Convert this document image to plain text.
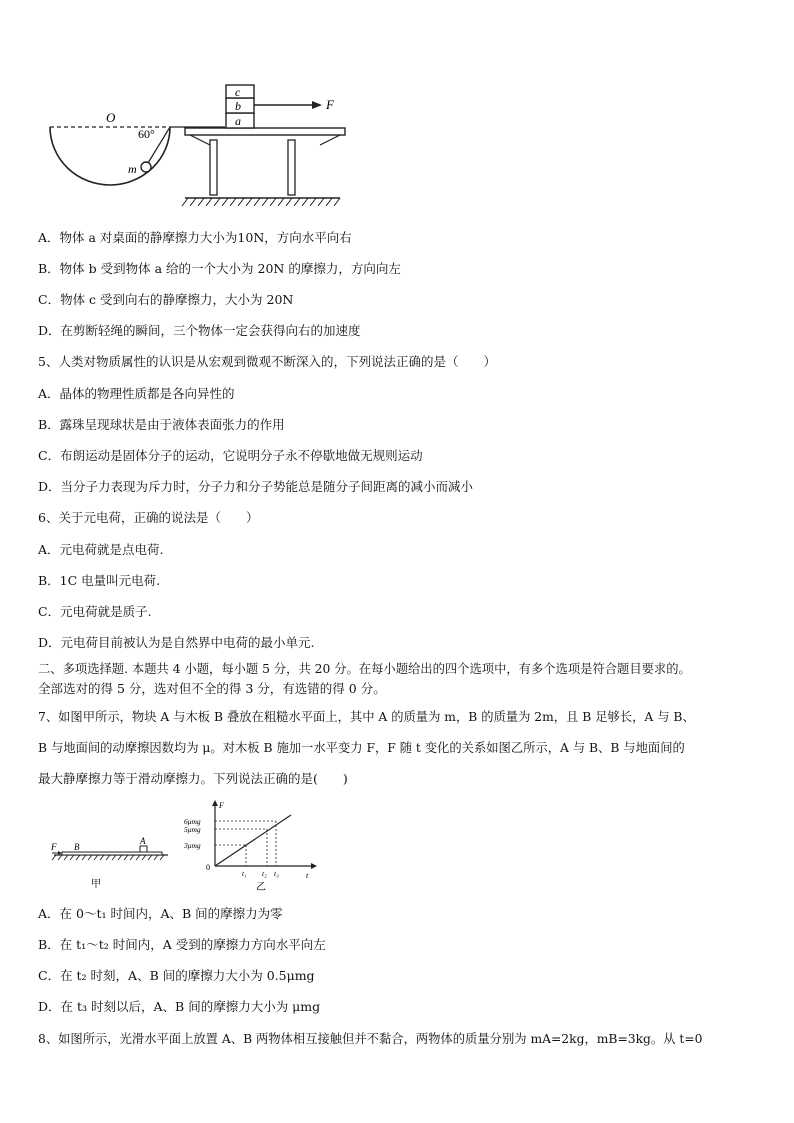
O
60°
m
c
b
a
F
A．物体 a 对桌面的静摩擦力大小为10N，方向水平向右
B．物体 b 受到物体 a 给的一个大小为 20N 的摩擦力，方向向左
C．物体 c 受到向右的静摩擦力，大小为 20N
D．在剪断轻绳的瞬间，三个物体一定会获得向右的加速度
5、人类对物质属性的认识是从宏观到微观不断深入的，下列说法正确的是（　　）
A．晶体的物理性质都是各向异性的
B．露珠呈现球状是由于液体表面张力的作用
C．布朗运动是固体分子的运动，它说明分子永不停歇地做无规则运动
D．当分子力表现为斥力时，分子力和分子势能总是随分子间距离的减小而减小
6、关于元电荷，正确的说法是（　　）
A．元电荷就是点电荷.
B．1C 电量叫元电荷.
C．元电荷就是质子.
D．元电荷目前被认为是自然界中电荷的最小单元.
二、多项选择题. 本题共 4 小题，每小题 5 分，共 20 分。在每小题给出的四个选项中，有多个选项是符合题目要求的。
全部选对的得 5 分，选对但不全的得 3 分，有选错的得 0 分。
7、如图甲所示，物块 A 与木板 B 叠放在粗糙水平面上，其中 A 的质量为 m，B 的质量为 2m，且 B 足够长，A 与 B、
B 与地面间的动摩擦因数均为 μ。对木板 B 施加一水平变力 F，F 随 t 变化的关系如图乙所示，A 与 B、B 与地面间的
最大静摩擦力等于滑动摩擦力。下列说法正确的是(　　)
F B
A
甲
6μmg
5μmg
3μmg
t₁ t₂ t₃
0
F
t
乙
A．在 0～t₁ 时间内，A、B 间的摩擦力为零
B．在 t₁～t₂ 时间内，A 受到的摩擦力方向水平向左
C．在 t₂ 时刻，A、B 间的摩擦力大小为 0.5μmg
D．在 t₃ 时刻以后，A、B 间的摩擦力大小为 μmg
8、如图所示，光滑水平面上放置 A、B 两物体相互接触但并不黏合，两物体的质量分别为 mA=2kg，mB=3kg。从 t=0
